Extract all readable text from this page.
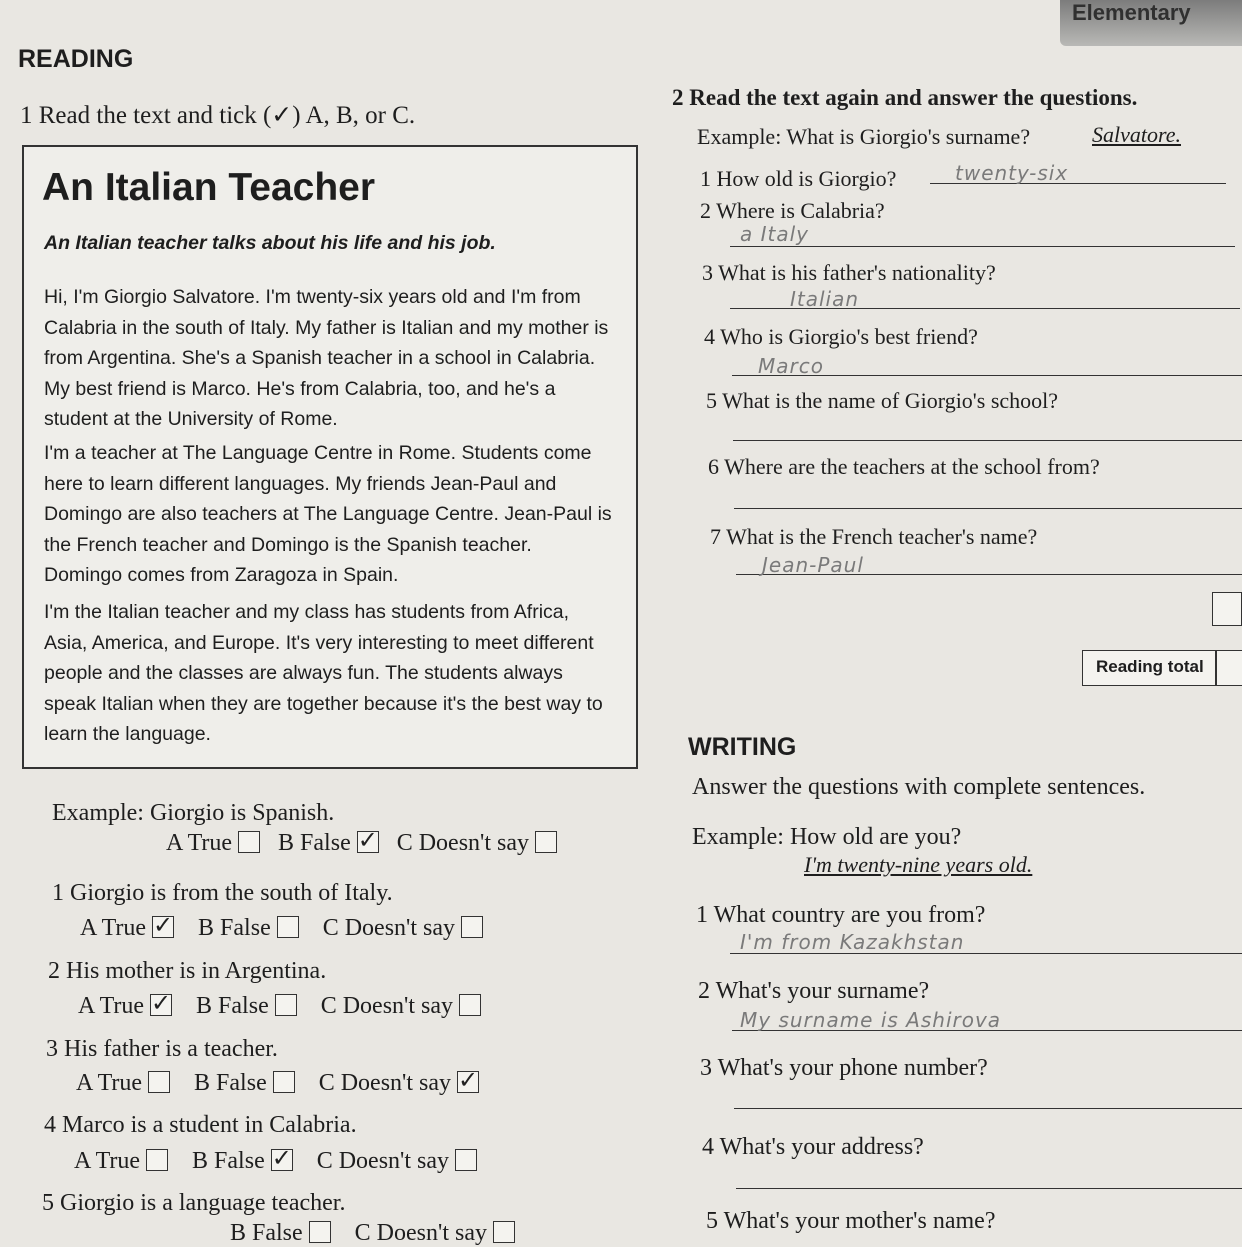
Elementary
READING
1 Read the text and tick (✓) A, B, or C.
An Italian Teacher
An Italian teacher talks about his life and his job.
Hi, I'm Giorgio Salvatore. I'm twenty-six years old and I'm from Calabria in the south of Italy. My father is Italian and my mother is from Argentina. She's a Spanish teacher in a school in Calabria. My best friend is Marco. He's from Calabria, too, and he's a student at the University of Rome.
I'm a teacher at The Language Centre in Rome. Students come here to learn different languages. My friends Jean-Paul and Domingo are also teachers at The Language Centre. Jean-Paul is the French teacher and Domingo is the Spanish teacher. Domingo comes from Zaragoza in Spain.
I'm the Italian teacher and my class has students from Africa, Asia, America, and Europe. It's very interesting to meet different people and the classes are always fun. The students always speak Italian when they are together because it's the best way to learn the language.
Example: Giorgio is Spanish.
A True B False ✓ C Doesn't say
1 Giorgio is from the south of Italy.
A True ✓ B False C Doesn't say
2 His mother is in Argentina.
A True ✓ B False C Doesn't say
3 His father is a teacher.
A True B False C Doesn't say✓
4 Marco is a student in Calabria.
A True B False ✓ C Doesn't say
5 Giorgio is a language teacher.
B False C Doesn't say
2 Read the text again and answer the questions.
Example: What is Giorgio's surname?	Salvatore.
1 How old is Giorgio?	twenty-six
2 Where is Calabria?
a Italy
3 What is his father's nationality?
Italian
4 Who is Giorgio's best friend?
Marco
5 What is the name of Giorgio's school?
6 Where are the teachers at the school from?
7 What is the French teacher's name?
Jean-Paul
Reading total
WRITING
Answer the questions with complete sentences.
Example: How old are you?
I'm twenty-nine years old.
1 What country are you from?
I'm from Kazakhstan
2 What's your surname?
My surname is Ashirova
3 What's your phone number?
4 What's your address?
5 What's your mother's name?
